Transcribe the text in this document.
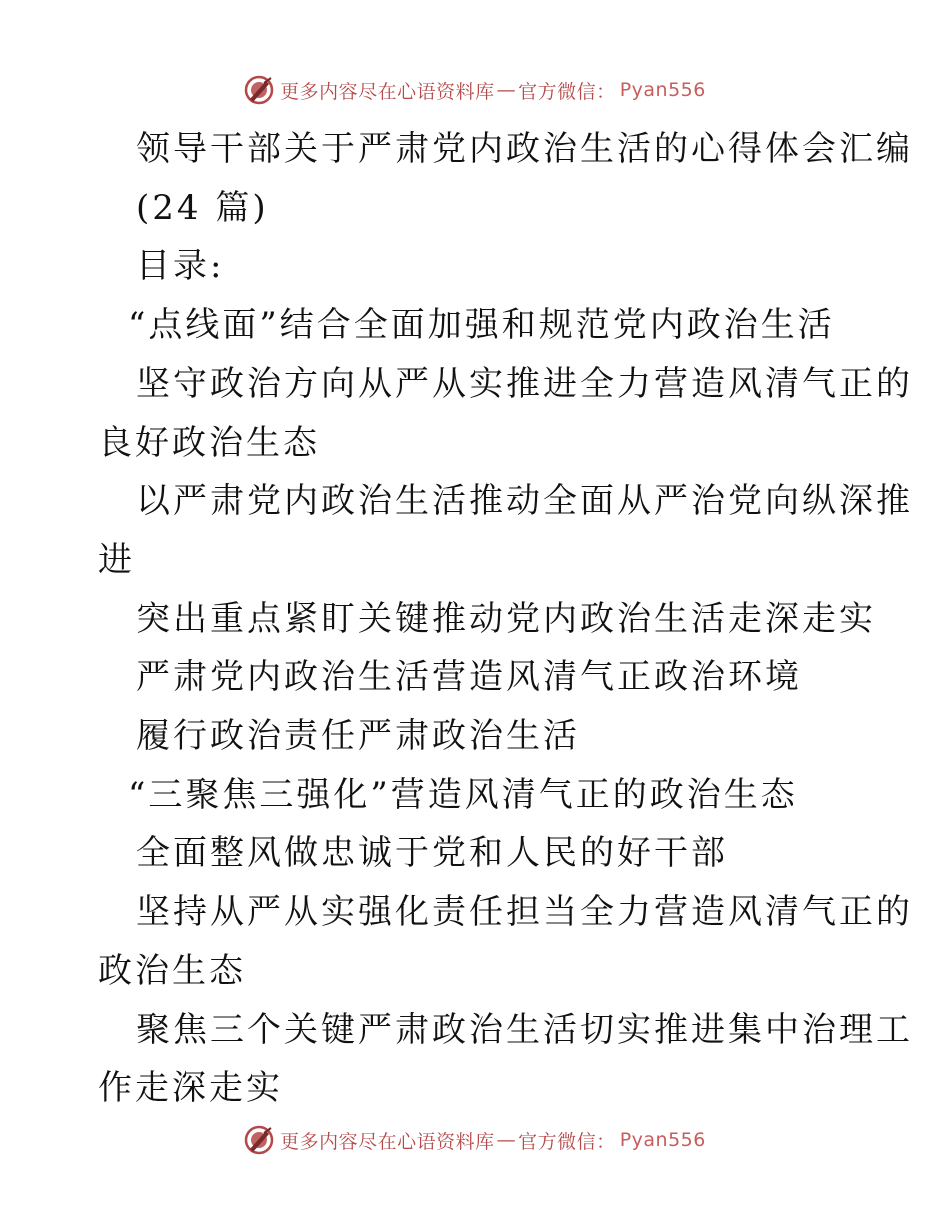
更多内容尽在心语资料库 — 官方微信： Pyan556
领导干部关于严肃党内政治生活的心得体会汇编
(24 篇)
目录:
“点线面”结合全面加强和规范党内政治生活
坚守政治方向从严从实推进全力营造风清气正的
良好政治生态
以严肃党内政治生活推动全面从严治党向纵深推
进
突出重点紧盯关键推动党内政治生活走深走实
严肃党内政治生活营造风清气正政治环境
履行政治责任严肃政治生活
“三聚焦三强化”营造风清气正的政治生态
全面整风做忠诚于党和人民的好干部
坚持从严从实强化责任担当全力营造风清气正的
政治生态
聚焦三个关键严肃政治生活切实推进集中治理工
作走深走实
更多内容尽在心语资料库 — 官方微信： Pyan556
